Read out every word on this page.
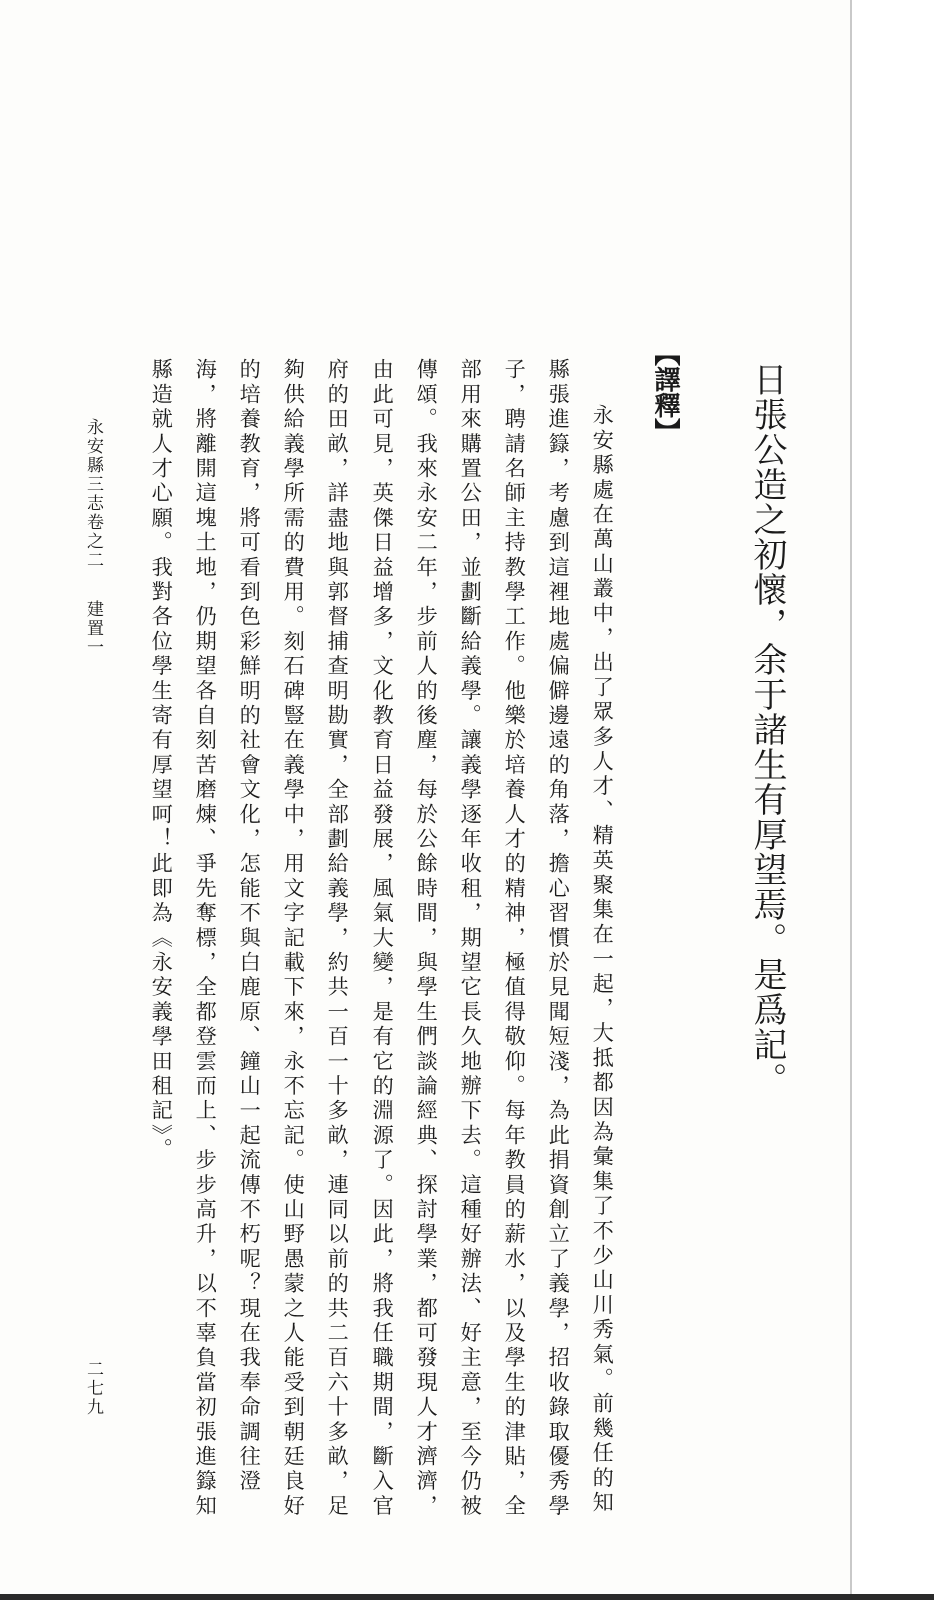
日張公造之初懷，余于諸生有厚望焉。是爲記。
【譯釋】
永安縣處在萬山叢中，出了眾多人才、精英聚集在一起，大抵都因為彙集了不少山川秀氣。前幾任的知
縣張進籙，考慮到這裡地處偏僻邊遠的角落，擔心習慣於見聞短淺，為此捐資創立了義學，招收錄取優秀學
子，聘請名師主持教學工作。他樂於培養人才的精神，極值得敬仰。每年教員的薪水，以及學生的津貼，全
部用來購置公田，並劃斷給義學。讓義學逐年收租，期望它長久地辦下去。這種好辦法、好主意，至今仍被
傳頌。我來永安二年，步前人的後塵，每於公餘時間，與學生們談論經典、探討學業，都可發現人才濟濟，
由此可見，英傑日益增多，文化教育日益發展，風氣大變，是有它的淵源了。因此，將我任職期間，斷入官
府的田畝，詳盡地與郭督捕查明勘實，全部劃給義學，約共一百一十多畝，連同以前的共二百六十多畝，足
夠供給義學所需的費用。刻石碑豎在義學中，用文字記載下來，永不忘記。使山野愚蒙之人能受到朝廷良好
的培養教育，將可看到色彩鮮明的社會文化，怎能不與白鹿原、鐘山一起流傳不朽呢？現在我奉命調往澄
海，將離開這塊土地，仍期望各自刻苦磨煉、爭先奪標，全都登雲而上、步步高升，以不辜負當初張進籙知
縣造就人才心願。我對各位學生寄有厚望呵！此即為《永安義學田租記》。
永安縣三志卷之二
建置一
二七九
